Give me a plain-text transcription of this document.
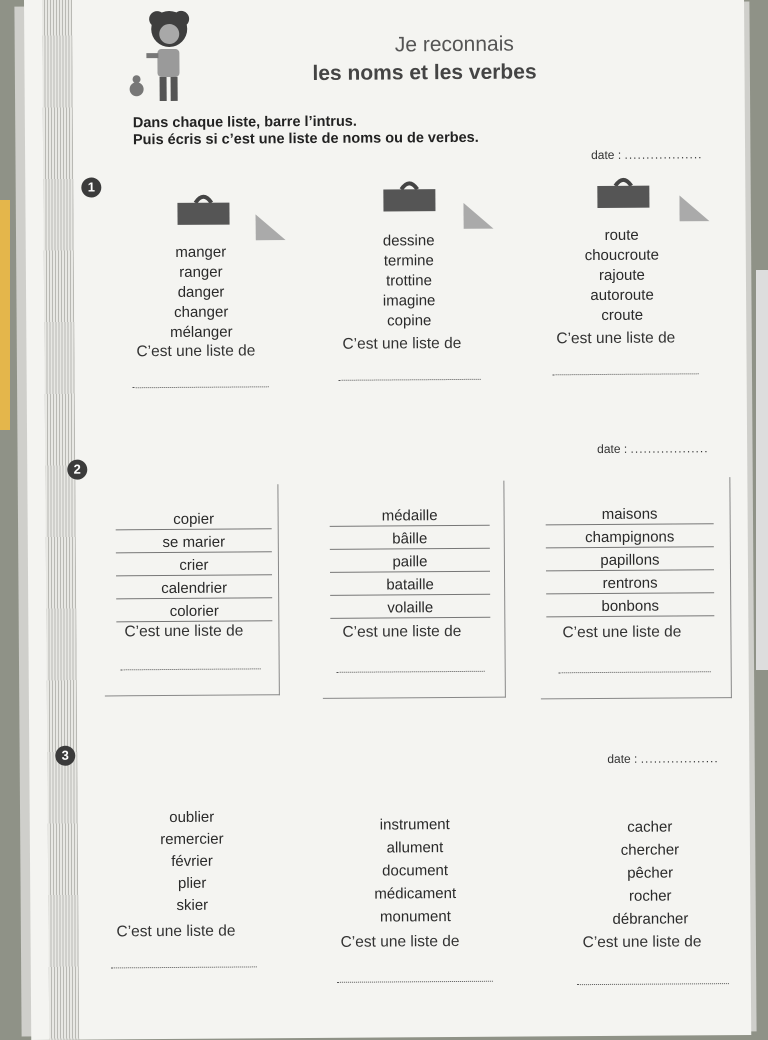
Je reconnais
les noms et les verbes
Dans chaque liste, barre l’intrus.
Puis écris si c’est une liste de noms ou de verbes.
date : ..................
1
manger
ranger
danger
changer
mélanger
dessine
termine
trottine
imagine
copine
route
choucroute
rajoute
autoroute
croute
C’est une liste de	C’est une liste de	C’est une liste de
date : ..................
2
copier
se marier
crier
calendrier
colorier
médaille
bâille
paille
bataille
volaille
maisons
champignons
papillons
rentrons
bonbons
C’est une liste de	C’est une liste de	C’est une liste de
date : ..................
3
oublier
remercier
février
plier
skier
instrument
allument
document
médicament
monument
cacher
chercher
pêcher
rocher
débrancher
C’est une liste de
C’est une liste de	C’est une liste de
